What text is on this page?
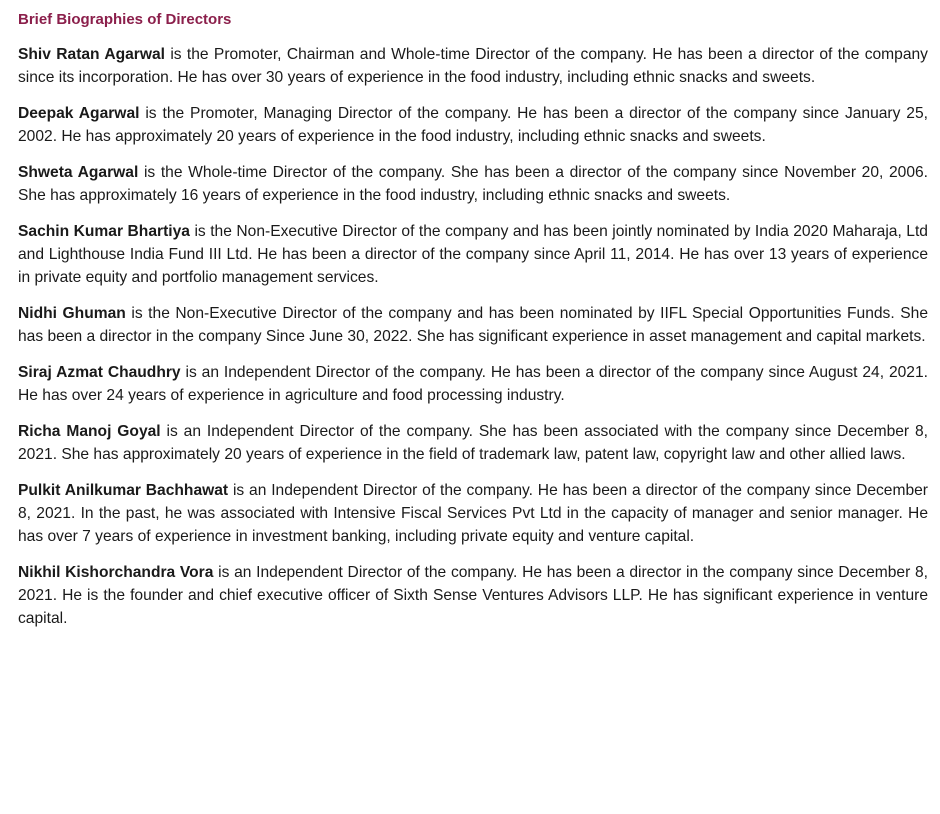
Brief Biographies of Directors

Shiv Ratan Agarwal is the Promoter, Chairman and Whole-time Director of the company. He has been a director of the company since its incorporation. He has over 30 years of experience in the food industry, including ethnic snacks and sweets.

Deepak Agarwal is the Promoter, Managing Director of the company. He has been a director of the company since January 25, 2002. He has approximately 20 years of experience in the food industry, including ethnic snacks and sweets.

Shweta Agarwal is the Whole-time Director of the company. She has been a director of the company since November 20, 2006. She has approximately 16 years of experience in the food industry, including ethnic snacks and sweets.

Sachin Kumar Bhartiya is the Non-Executive Director of the company and has been jointly nominated by India 2020 Maharaja, Ltd and Lighthouse India Fund III Ltd. He has been a director of the company since April 11, 2014. He has over 13 years of experience in private equity and portfolio management services.

Nidhi Ghuman is the Non-Executive Director of the company and has been nominated by IIFL Special Opportunities Funds. She has been a director in the company Since June 30, 2022. She has significant experience in asset management and capital markets.

Siraj Azmat Chaudhry is an Independent Director of the company. He has been a director of the company since August 24, 2021. He has over 24 years of experience in agriculture and food processing industry.

Richa Manoj Goyal is an Independent Director of the company. She has been associated with the company since December 8, 2021. She has approximately 20 years of experience in the field of trademark law, patent law, copyright law and other allied laws.

Pulkit Anilkumar Bachhawat is an Independent Director of the company. He has been a director of the company since December 8, 2021. In the past, he was associated with Intensive Fiscal Services Pvt Ltd in the capacity of manager and senior manager. He has over 7 years of experience in investment banking, including private equity and venture capital.

Nikhil Kishorchandra Vora is an Independent Director of the company. He has been a director in the company since December 8, 2021. He is the founder and chief executive officer of Sixth Sense Ventures Advisors LLP. He has significant experience in venture capital.
